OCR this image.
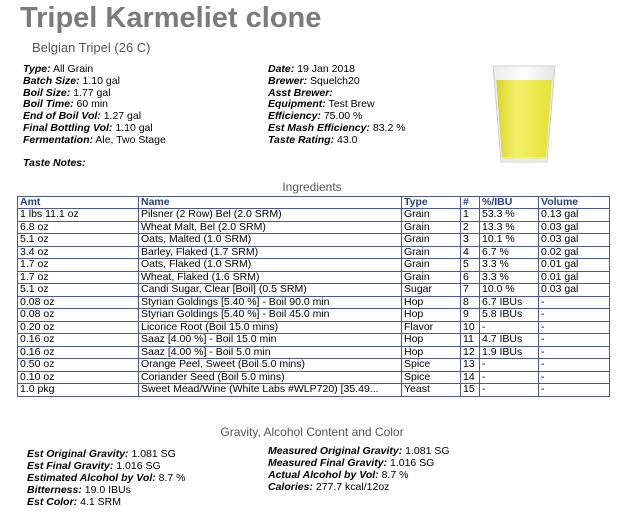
Tripel Karmeliet clone
Belgian Tripel (26 C)
Type: All Grain
Batch Size: 1.10 gal
Boil Size: 1.77 gal
Boil Time: 60 min
End of Boil Vol: 1.27 gal
Final Bottling Vol: 1.10 gal
Fermentation: Ale, Two Stage
Date: 19 Jan 2018
Brewer: Squelch20
Asst Brewer:
Equipment: Test Brew
Efficiency: 75.00 %
Est Mash Efficiency: 83.2 %
Taste Rating: 43.0
Taste Notes:
Ingredients
Amt	Name	Type	#	%/IBU	Volume
1 lbs 11.1 oz	Pilsner (2 Row) Bel (2.0 SRM)	Grain	1	53.3 %	0.13 gal
6.8 oz	Wheat Malt, Bel (2.0 SRM)	Grain	2	13.3 %	0.03 gal
5.1 oz	Oats, Malted (1.0 SRM)	Grain	3	10.1 %	0.03 gal
3.4 oz	Barley, Flaked (1.7 SRM)	Grain	4	6.7 %	0.02 gal
1.7 oz	Oats, Flaked (1.0 SRM)	Grain	5	3.3 %	0.01 gal
1.7 oz	Wheat, Flaked (1.6 SRM)	Grain	6	3.3 %	0.01 gal
5.1 oz	Candi Sugar, Clear [Boil] (0.5 SRM)	Sugar	7	10.0 %	0.03 gal
0.08 oz	Styrian Goldings [5.40 %] - Boil 90.0 min	Hop	8	6.7 IBUs	-
0.08 oz	Styrian Goldings [5.40 %] - Boil 45.0 min	Hop	9	5.8 IBUs	-
0.20 oz	Licorice Root (Boil 15.0 mins)	Flavor	10	-	-
0.16 oz	Saaz [4.00 %] - Boil 15.0 min	Hop	11	4.7 IBUs	-
0.16 oz	Saaz [4.00 %] - Boil 5.0 min	Hop	12	1.9 IBUs	-
0.50 oz	Orange Peel, Sweet (Boil 5.0 mins)	Spice	13	-	-
0.10 oz	Coriander Seed (Boil 5.0 mins)	Spice	14	-	-
1.0 pkg	Sweet Mead/Wine (White Labs #WLP720) [35.49...	Yeast	15	-	-
Gravity, Alcohol Content and Color
Est Original Gravity: 1.081 SG
Est Final Gravity: 1.016 SG
Estimated Alcohol by Vol: 8.7 %
Bitterness: 19.0 IBUs
Est Color: 4.1 SRM
Measured Original Gravity: 1.081 SG
Measured Final Gravity: 1.016 SG
Actual Alcohol by Vol: 8.7 %
Calories: 277.7 kcal/12oz
